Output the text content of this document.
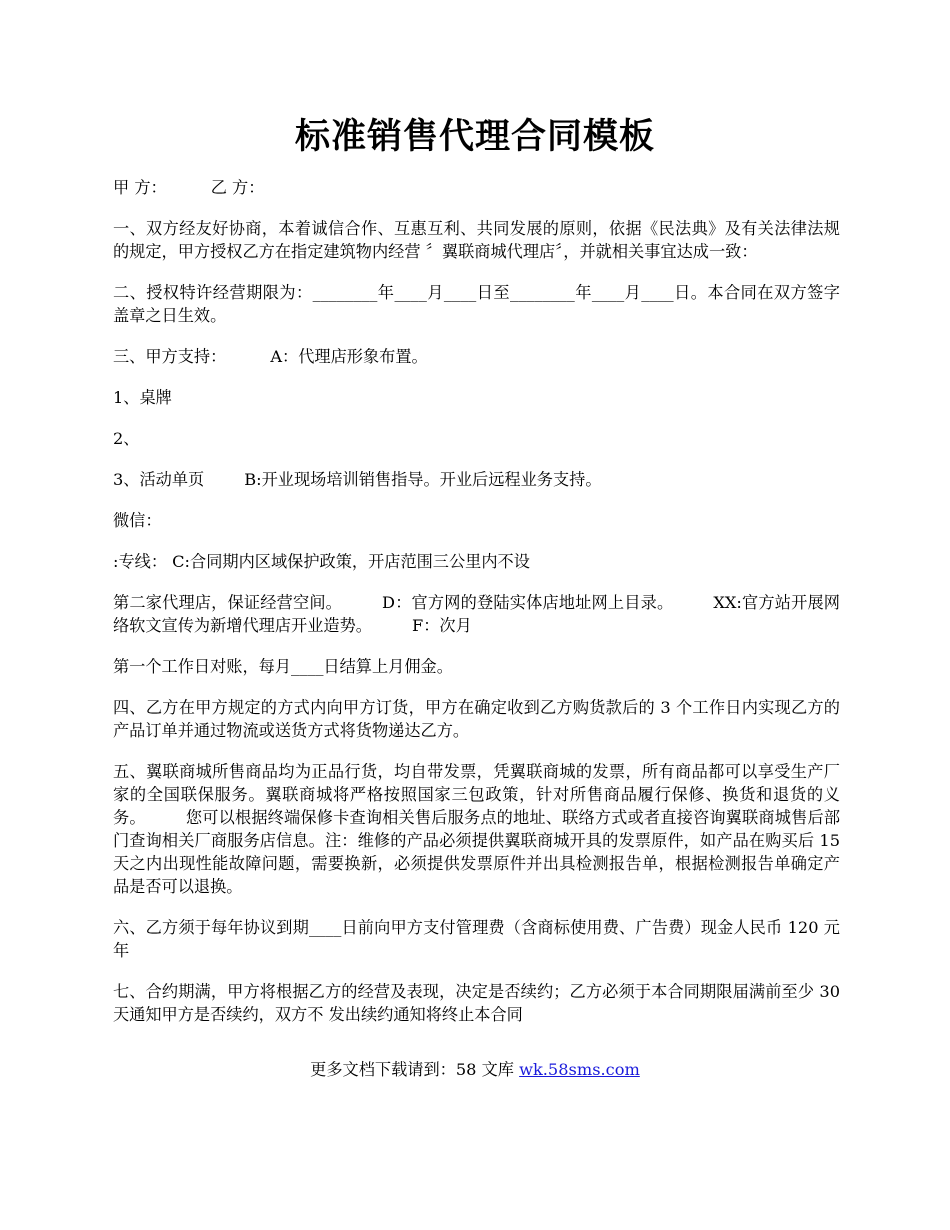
标准销售代理合同模板

甲 方：	乙 方：

一、双方经友好协商，本着诚信合作、互惠互利、共同发展的原则，依据《民法典》及有关法律法规的规定，甲方授权乙方在指定建筑物内经营 〞翼联商城代理店〞，并就相关事宜达成一致：

二、授权特许经营期限为：________年____月____日至________年____月____日。本合同在双方签字盖章之日生效。

三、甲方支持：	A：代理店形象布置。

1、桌牌

2、

3、活动单页 B:开业现场培训销售指导。开业后远程业务支持。

微信：

:专线： C:合同期内区域保护政策，开店范围三公里内不设

第二家代理店，保证经营空间。 D：官方网的登陆实体店地址网上目录。 XX:官方站开展网络软文宣传为新增代理店开业造势。 F：次月

第一个工作日对账，每月____日结算上月佣金。

四、乙方在甲方规定的方式内向甲方订货，甲方在确定收到乙方购货款后的 3 个工作日内实现乙方的产品订单并通过物流或送货方式将货物递达乙方。

五、翼联商城所售商品均为正品行货，均自带发票，凭翼联商城的发票，所有商品都可以享受生产厂家的全国联保服务。翼联商城将严格按照国家三包政策，针对所售商品履行保修、换货和退货的义务。 您可以根据终端保修卡查询相关售后服务点的地址、联络方式或者直接咨询翼联商城售后部门查询相关厂商服务店信息。注：维修的产品必须提供翼联商城开具的发票原件，如产品在购买后 15 天之内出现性能故障问题，需要换新，必须提供发票原件并出具检测报告单，根据检测报告单确定产品是否可以退换。

六、乙方须于每年协议到期____日前向甲方支付管理费（含商标使用费、广告费）现金人民币 120 元年

七、合约期满，甲方将根据乙方的经营及表现，决定是否续约；乙方必须于本合同期限届满前至少 30 天通知甲方是否续约，双方不 发出续约通知将终止本合同

更多文档下载请到：58 文库 wk.58sms.com
